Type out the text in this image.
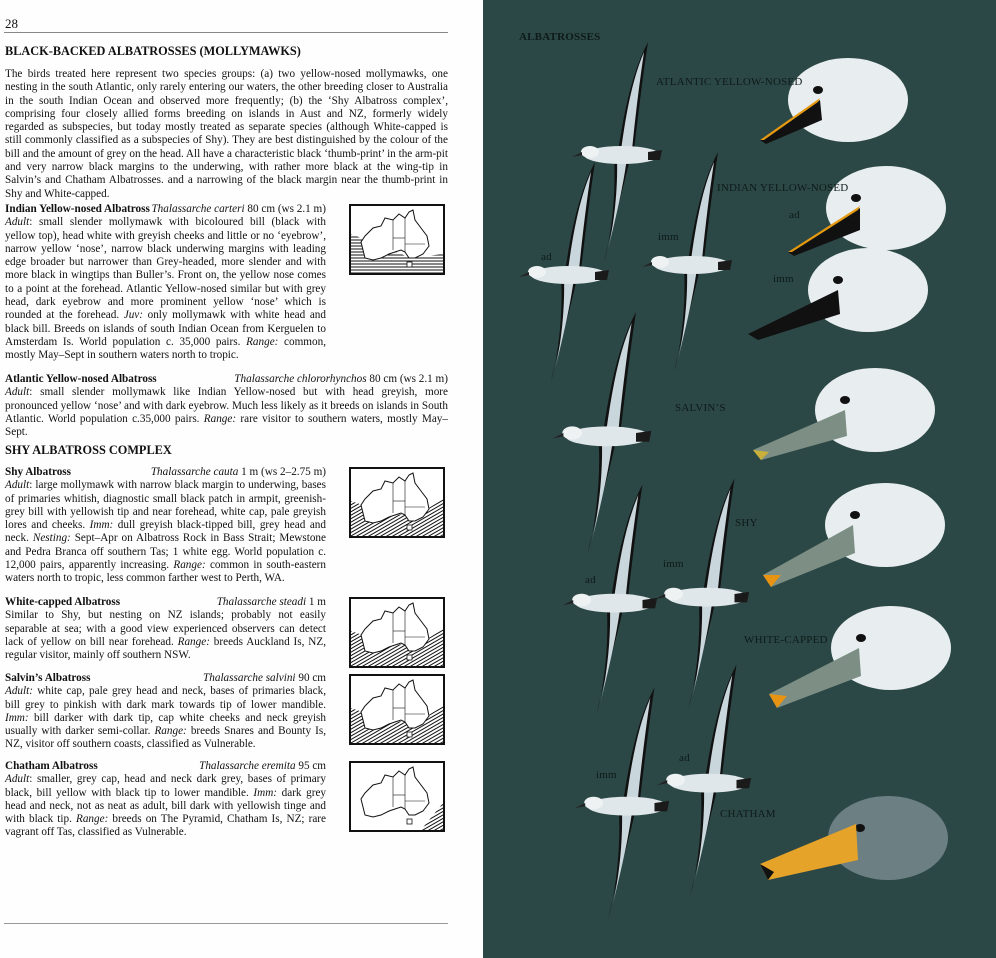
28
BLACK-BACKED ALBATROSSES (MOLLYMAWKS)
The birds treated here represent two species groups: (a) two yellow-nosed mollymawks, one nesting in the south Atlantic, only rarely entering our waters, the other breeding closer to Australia in the south Indian Ocean and observed more frequently; (b) the ‘Shy Albatross complex’, comprising four closely allied forms breeding on islands in Aust and NZ, formerly widely regarded as subspecies, but today mostly treated as separate species (although White-capped is still commonly classified as a subspecies of Shy). They are best distinguished by the colour of the bill and the amount of grey on the head. All have a characteristic black ‘thumb-print’ in the arm-pit and very narrow black margins to the underwing, with rather more black at the wing-tip in Salvin’s and Chatham Albatrosses. and a narrowing of the black margin near the thumb-print in Shy and White-capped.
Indian Yellow-nosed Albatross Thalassarche carteri 80 cm (ws 2.1 m)
Adult: small slender mollymawk with bicoloured bill (black with yellow top), head white with greyish cheeks and little or no ‘eyebrow’, narrow yellow ‘nose’, narrow black underwing margins with leading edge broader but narrower than Grey-headed, more slender and with more black in wingtips than Buller’s. Front on, the yellow nose comes to a point at the forehead. Atlantic Yellow-nosed similar but with grey head, dark eyebrow and more prominent yellow ‘nose’ which is rounded at the forehead. Juv: only mollymawk with white head and black bill. Breeds on islands of south Indian Ocean from Kerguelen to Amsterdam Is. World population c. 35,000 pairs. Range: common, mostly May–Sept in southern waters north to tropic.
Atlantic Yellow-nosed Albatross	Thalassarche chlororhynchos 80 cm (ws 2.1 m)
Adult: small slender mollymawk like Indian Yellow-nosed but with head greyish, more pronounced yellow ‘nose’ and with dark eyebrow. Much less likely as it breeds on islands in South Atlantic. World population c.35,000 pairs. Range: rare visitor to southern waters, mostly May–Sept.
SHY ALBATROSS COMPLEX
Shy Albatross	Thalassarche cauta 1 m (ws 2–2.75 m)
Adult: large mollymawk with narrow black margin to underwing, bases of primaries whitish, diagnostic small black patch in armpit, greenish-grey bill with yellowish tip and near forehead, white cap, pale greyish lores and cheeks. Imm: dull greyish black-tipped bill, grey head and neck. Nesting: Sept–Apr on Albatross Rock in Bass Strait; Mewstone and Pedra Branca off southern Tas; 1 white egg. World population c. 12,000 pairs, apparently increasing. Range: common in south-eastern waters north to tropic, less common farther west to Perth, WA.
White-capped Albatross	Thalassarche steadi 1 m
Similar to Shy, but nesting on NZ islands; probably not easily separable at sea; with a good view experienced observers can detect lack of yellow on bill near forehead. Range: breeds Auckland Is, NZ, regular visitor, mainly off southern NSW.
Salvin’s Albatross	Thalassarche salvini 90 cm
Adult: white cap, pale grey head and neck, bases of primaries black, bill grey to pinkish with dark mark towards tip of lower mandible. Imm: bill darker with dark tip, cap white cheeks and neck greyish usually with darker semi-collar. Range: breeds Snares and Bounty Is, NZ, visitor off southern coasts, classified as Vulnerable.
Chatham Albatross	Thalassarche eremita 95 cm
Adult: smaller, grey cap, head and neck dark grey, bases of primary black, bill yellow with black tip to lower mandible. Imm: dark grey head and neck, not as neat as adult, bill dark with yellowish tinge and with black tip. Range: breeds on The Pyramid, Chatham Is, NZ; rare vagrant off Tas, classified as Vulnerable.
ALBATROSSES
ATLANTIC YELLOW-NOSED
INDIAN YELLOW-NOSED
ad
imm
ad
imm
SALVIN’S
SHY
imm
ad
WHITE-CAPPED
ad
imm
CHATHAM
